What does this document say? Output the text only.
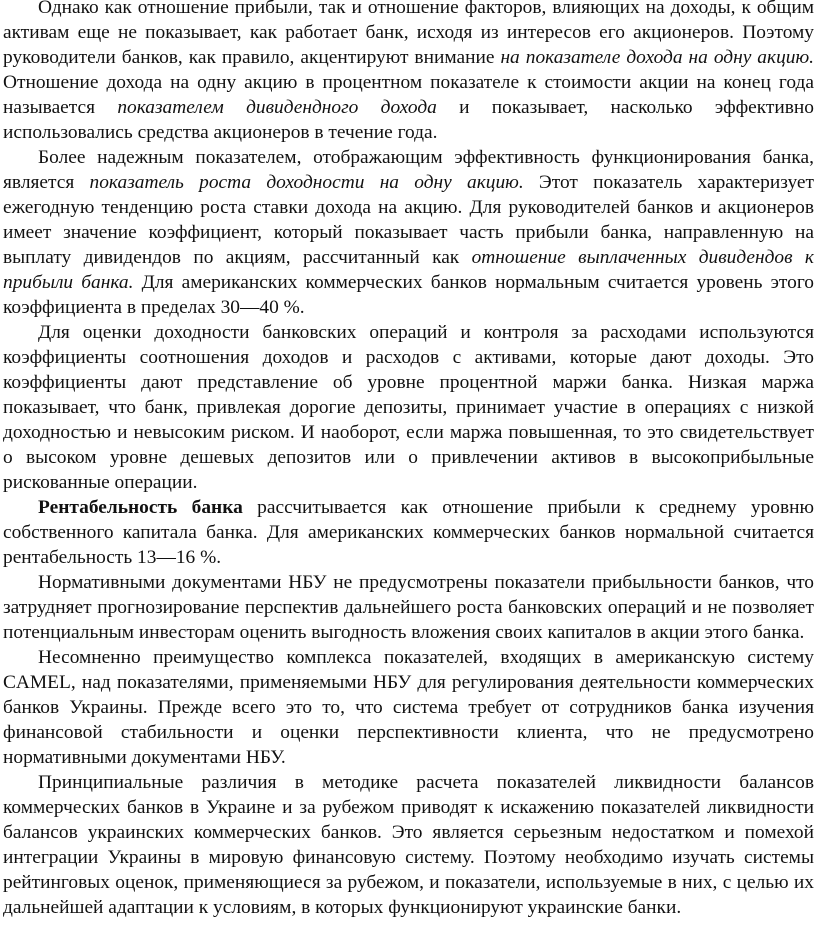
Однако как отношение прибыли, так и отношение факторов, влияющих на доходы, к общим активам еще не показывает, как работает банк, исходя из интересов его акционеров. Поэтому руководители банков, как правило, акцентируют внимание на показателе дохода на одну акцию. Отношение дохода на одну акцию в процентном показателе к стоимости акции на конец года называется показателем дивидендного дохода и показывает, насколько эффективно использовались средства акционеров в течение года.

Более надежным показателем, отображающим эффективность функционирования банка, является показатель роста доходности на одну акцию. Этот показатель характеризует ежегодную тенденцию роста ставки дохода на акцию. Для руководителей банков и акционеров имеет значение коэффициент, который показывает часть прибыли банка, направленную на выплату дивидендов по акциям, рассчитанный как отношение выплаченных дивидендов к прибыли банка. Для американских коммерческих банков нормальным считается уровень этого коэффициента в пределах 30—40 %.

Для оценки доходности банковских операций и контроля за расходами используются коэффициенты соотношения доходов и расходов с активами, которые дают доходы. Это коэффициенты дают представление об уровне процентной маржи банка. Низкая маржа показывает, что банк, привлекая дорогие депозиты, принимает участие в операциях с низкой доходностью и невысоким риском. И наоборот, если маржа повышенная, то это свидетельствует о высоком уровне дешевых депозитов или о привлечении активов в высокоприбыльные рискованные операции.

Рентабельность банка рассчитывается как отношение прибыли к среднему уровню собственного капитала банка. Для американских коммерческих банков нормальной считается рентабельность 13—16 %.

Нормативными документами НБУ не предусмотрены показатели прибыльности банков, что затрудняет прогнозирование перспектив дальнейшего роста банковских операций и не позволяет потенциальным инвесторам оценить выгодность вложения своих капиталов в акции этого банка.

Несомненно преимущество комплекса показателей, входящих в американскую систему CAMEL, над показателями, применяемыми НБУ для регулирования деятельности коммерческих банков Украины. Прежде всего это то, что система требует от сотрудников банка изучения финансовой стабильности и оценки перспективности клиента, что не предусмотрено нормативными документами НБУ.

Принципиальные различия в методике расчета показателей ликвидности балансов коммерческих банков в Украине и за рубежом приводят к искажению показателей ликвидности балансов украинских коммерческих банков. Это является серьезным недостатком и помехой интеграции Украины в мировую финансовую систему. Поэтому необходимо изучать системы рейтинговых оценок, применяющиеся за рубежом, и показатели, используемые в них, с целью их дальнейшей адаптации к условиям, в которых функционируют украинские банки.
